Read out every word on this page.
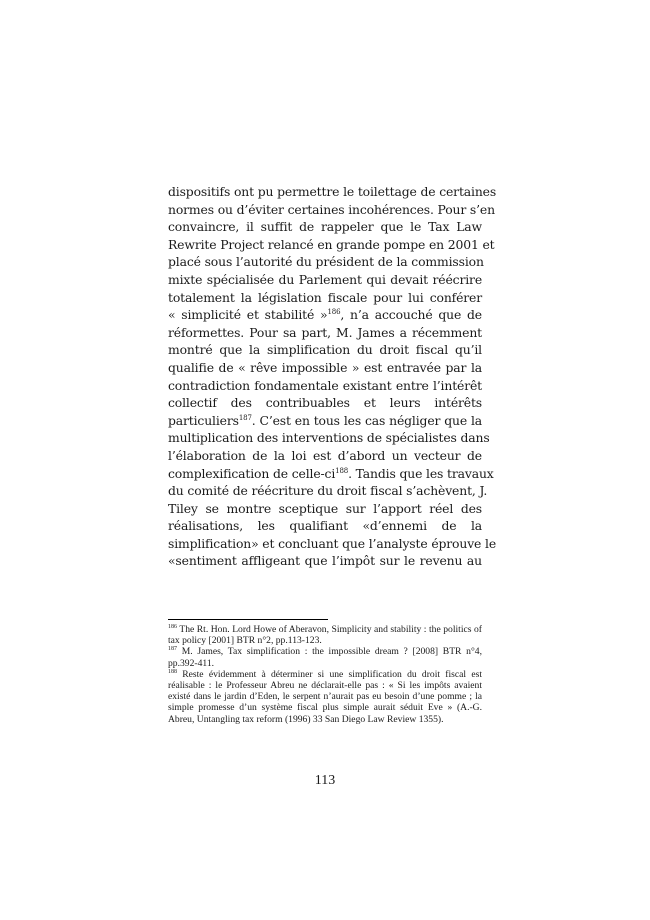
dispositifs ont pu permettre le toilettage de certaines
normes ou d’éviter certaines incohérences. Pour s’en
convaincre, il suffit de rappeler que le Tax Law
Rewrite Project relancé en grande pompe en 2001 et
placé sous l’autorité du président de la commission
mixte spécialisée du Parlement qui devait réécrire
totalement la législation fiscale pour lui conférer
« simplicité et stabilité »$^{186}$, n’a accouché que de
réformettes. Pour sa part, M. James a récemment
montré que la simplification du droit fiscal qu’il
qualifie de « rêve impossible » est entravée par la
contradiction fondamentale existant entre l’intérêt
collectif des contribuables et leurs intérêts
particuliers$^{187}$. C’est en tous les cas négliger que la
multiplication des interventions de spécialistes dans
l’élaboration de la loi est d’abord un vecteur de
complexification de celle-$ci^{188}$. Tandis que les travaux
du comité de réécriture du droit fiscal s’achèvent, J.
Tiley se montre sceptique sur l’apport réel des
réalisations, les qualifiant «d’ennemi de la
simplification» et concluant que l’analyste éprouve le
«sentiment affligeant que l’impôt sur le revenu au

$^{186}$ The Rt. Hon. Lord Howe of Aberavon, Simplicity and stability : the politics of tax policy [2001] BTR n°2, pp.113-123.

$^{187}$ M. James, Tax simplification : the impossible dream ? [2008] BTR n°4, pp.392-411.

$^{188}$ Reste évidemment à déterminer si une simplification du droit fiscal est réalisable : le Professeur Abreu ne déclarait-elle pas : « Si les impôts avaient existé dans le jardin d’Eden, le serpent n’aurait pas eu besoin d’une pomme ; la simple promesse d’un système fiscal plus simple aurait séduit Eve » (A.-G. Abreu, Untangling tax reform (1996) 33 San Diego Law Review 1355).

113
